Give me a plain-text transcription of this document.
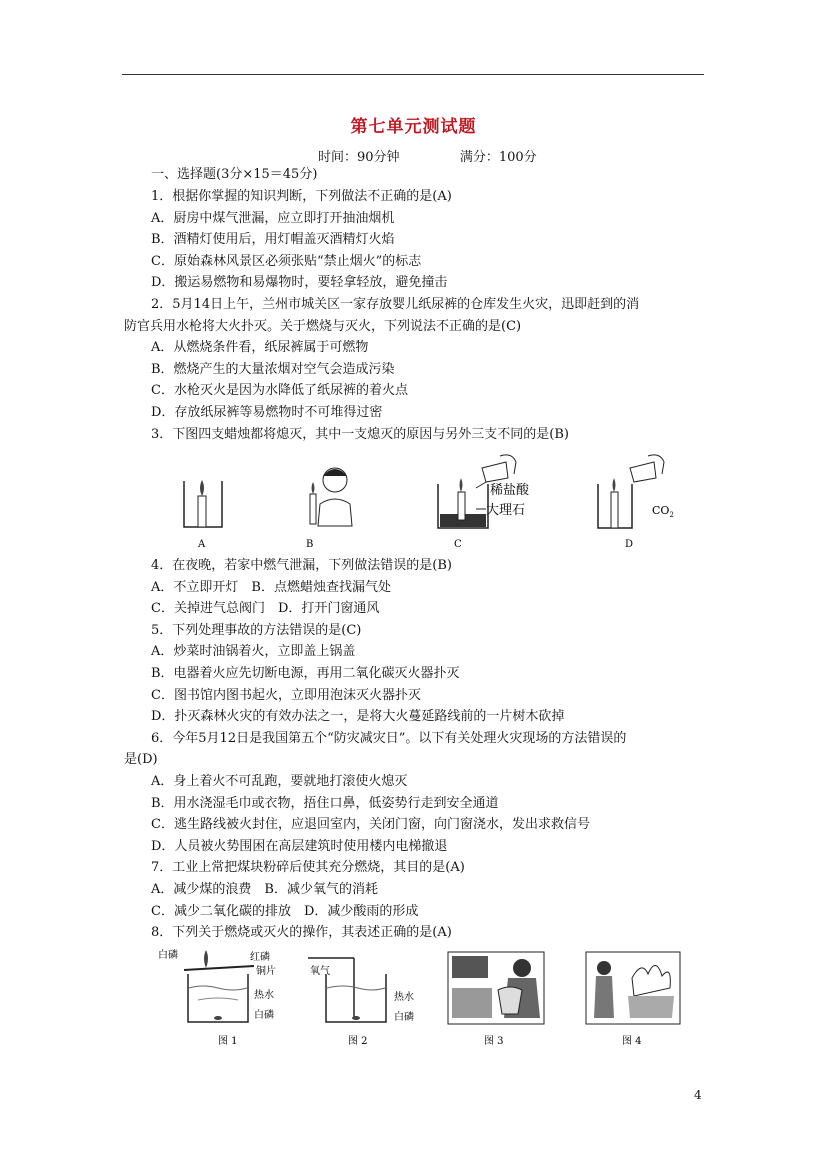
第七单元测试题
时间：90分钟	满分：100分
一、选择题(3分×15＝45分)
1．根据你掌握的知识判断，下列做法不正确的是(A)
A．厨房中煤气泄漏，应立即打开抽油烟机
B．酒精灯使用后，用灯帽盖灭酒精灯火焰
C．原始森林风景区必须张贴“禁止烟火”的标志
D．搬运易燃物和易爆物时，要轻拿轻放，避免撞击
2．5月14日上午，兰州市城关区一家存放婴儿纸尿裤的仓库发生火灾，迅即赶到的消
防官兵用水枪将大火扑灭。关于燃烧与灭火，下列说法不正确的是(C)
A．从燃烧条件看，纸尿裤属于可燃物
B．燃烧产生的大量浓烟对空气会造成污染
C．水枪灭火是因为水降低了纸尿裤的着火点
D．存放纸尿裤等易燃物时不可堆得过密
3．下图四支蜡烛都将熄灭，其中一支熄灭的原因与另外三支不同的是(B)
A	B
稀盐酸
大理石
C
$CO_2$
D
4．在夜晚，若家中燃气泄漏，下列做法错误的是(B)
A．不立即开灯　B．点燃蜡烛查找漏气处
C．关掉进气总阀门　D．打开门窗通风
5．下列处理事故的方法错误的是(C)
A．炒菜时油锅着火，立即盖上锅盖
B．电器着火应先切断电源，再用二氧化碳灭火器扑灭
C．图书馆内图书起火，立即用泡沫灭火器扑灭
D．扑灭森林火灾的有效办法之一，是将大火蔓延路线前的一片树木砍掉
6．今年5月12日是我国第五个“防灾减灾日”。以下有关处理火灾现场的方法错误的
是(D)
A．身上着火不可乱跑，要就地打滚使火熄灭
B．用水浇湿毛巾或衣物，捂住口鼻，低姿势行走到安全通道
C．逃生路线被火封住，应退回室内，关闭门窗，向门窗浇水，发出求救信号
D．人员被火势围困在高层建筑时使用楼内电梯撤退
7．工业上常把煤块粉碎后使其充分燃烧，其目的是(A)
A．减少煤的浪费　B．减少氧气的消耗
C．减少二氧化碳的排放　D．减少酸雨的形成
8．下列关于燃烧或灭火的操作，其表述正确的是(A)
白磷	红磷
铜片
热水
白磷
图 1
氧气
热水
白磷
图 2	图 3	图 4
4
